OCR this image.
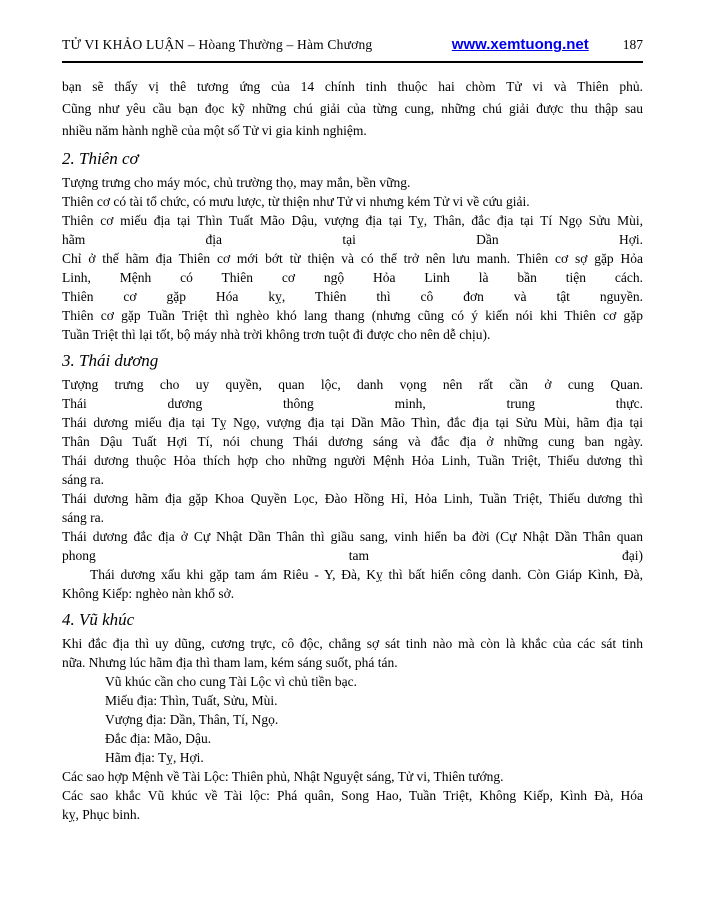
TỬ VI KHẢO LUẬN – Hòang Thường – Hàm Chương	www.xemtuong.net	187

bạn sẽ thấy vị thê tương ứng của 14 chính tinh thuộc hai chòm Tử vi và Thiên phủ.
Cũng như yêu cầu bạn đọc kỹ những chú giải của từng cung, những chú giải được thu thập sau
nhiều năm hành nghề của một số Tử vi gia kinh nghiệm.

2. Thiên cơ
Tượng trưng cho máy móc, chủ trường thọ, may mắn, bền vững.
Thiên cơ có tài tổ chức, có mưu lược, từ thiện như Tử vi nhưng kém Tử vi về cứu giải.
Thiên cơ miếu địa tại Thìn Tuất Mão Dậu, vượng địa tại Tỵ, Thân, đắc địa tại Tí Ngọ Sửu Mùi,
hãm địa tại Dần Hợi.
Chỉ ở thế hãm địa Thiên cơ mới bớt từ thiện và có thể trở nên lưu manh. Thiên cơ sợ gặp Hỏa
Linh, Mệnh có Thiên cơ ngộ Hỏa Linh là bần tiện cách.
Thiên cơ gặp Hóa kỵ, Thiên thì cô đơn và tật nguyền.
Thiên cơ gặp Tuần Triệt thì nghèo khó lang thang (nhưng cũng có ý kiến nói khi Thiên cơ gặp
Tuần Triệt thì lại tốt, bộ máy nhà trời không trơn tuột đi được cho nên dễ chịu).
3. Thái dương
Tượng trưng cho uy quyền, quan lộc, danh vọng nên rất cần ở cung Quan.
Thái dương thông minh, trung thực.
Thái dương miếu địa tại Tỵ Ngọ, vượng địa tại Dần Mão Thìn, đắc địa tại Sửu Mùi, hãm địa tại
Thân Dậu Tuất Hợi Tí, nói chung Thái dương sáng và đắc địa ở những cung ban ngày.
Thái dương thuộc Hỏa thích hợp cho những người Mệnh Hỏa Linh, Tuần Triệt, Thiếu dương thì
sáng ra.
Thái dương hãm địa gặp Khoa Quyền Lọc, Đào Hồng Hỉ, Hỏa Linh, Tuần Triệt, Thiếu dương thì
sáng ra.
Thái dương đắc địa ở Cự Nhật Dần Thân thì giầu sang, vinh hiển ba đời (Cự Nhật Dần Thân quan
phong tam đại)
Thái dương xấu khi gặp tam ám Riêu - Y, Đà, Kỵ thì bất hiển công danh. Còn Giáp Kình, Đà,
Không Kiếp: nghèo nàn khổ sở.
4. Vũ khúc
Khi đắc địa thì uy dũng, cương trực, cô độc, chẳng sợ sát tinh nào mà còn là khắc của các sát tinh
nữa. Nhưng lúc hãm địa thì tham lam, kém sáng suốt, phá tán.
Vũ khúc cần cho cung Tài Lộc vì chủ tiền bạc.
Miếu địa: Thìn, Tuất, Sửu, Mùi.
Vượng địa: Dần, Thân, Tí, Ngọ.
Đắc địa: Mão, Dậu.
Hãm địa: Tỵ, Hợi.
Các sao hợp Mệnh về Tài Lộc: Thiên phủ, Nhật Nguyệt sáng, Tử vi, Thiên tướng.
Các sao khắc Vũ khúc về Tài lộc: Phá quân, Song Hao, Tuần Triệt, Không Kiếp, Kình Đà, Hóa
kỵ, Phục binh.
